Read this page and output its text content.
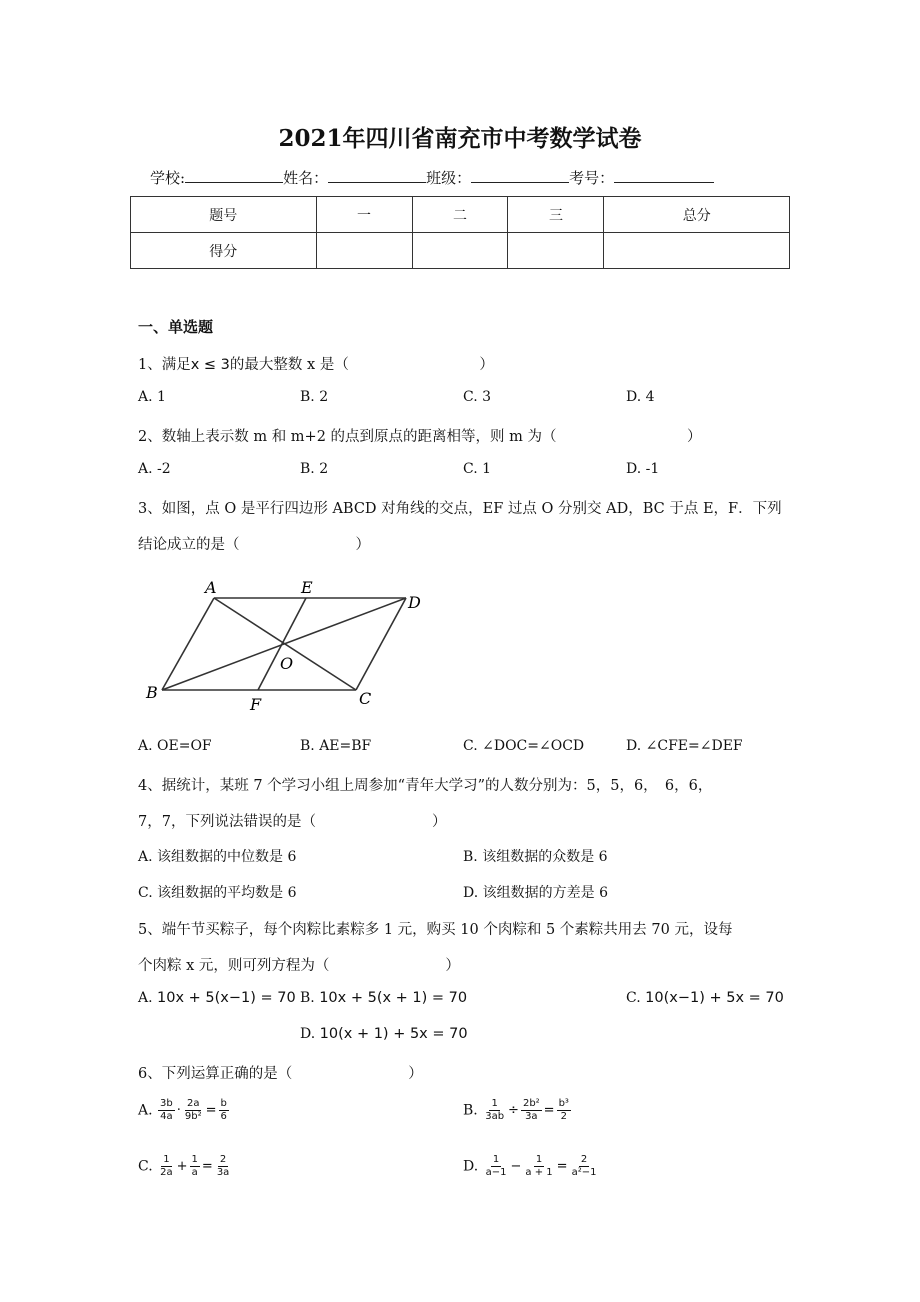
2021年四川省南充市中考数学试卷
学校:	姓名：	班级：	考号：
题号	一	二	三	总分
得分				
一、单选题
1、满足x ≤ 3的最大整数 x 是（　　　　　　　　　）
A. 1	B. 2	C. 3	D. 4
2、数轴上表示数 m 和 m+2 的点到原点的距离相等，则 m 为（　　　　　　　　　）
A. -2	B. 2	C. 1	D. -1
3、如图，点 O 是平行四边形 ABCD 对角线的交点，EF 过点 O 分别交 AD，BC 于点 E，F．下列
结论成立的是（　　　　　　　　）
A	E
D
O
B
F	C
A. OE=OF	B. AE=BF	C. ∠DOC=∠OCD	D. ∠CFE=∠DEF
4、据统计，某班 7 个学习小组上周参加“青年大学习”的人数分别为：5，5，6，　6，6，
7，7，下列说法错误的是（　　　　　　　　）
A. 该组数据的中位数是 6	B. 该组数据的众数是 6
C. 该组数据的平均数是 6	D. 该组数据的方差是 6
5、端午节买粽子，每个肉粽比素粽多 1 元，购买 10 个肉粽和 5 个素粽共用去 70 元，设每
个肉粽 x 元，则可列方程为（　　　　　　　　）
A. 10x + 5(x−1) = 70 B. 10x + 5(x + 1) = 70	C. 10(x−1) + 5x = 70
D. 10(x + 1) + 5x = 70
6、下列运算正确的是（　　　　　　　　）
A. $\frac{3b}{4a} \cdot \frac{2a}{\text{9b²}} = \frac{b}{6}$	B. $\frac{1}{3ab} \div \frac{\text{2b²}}{3a} = \frac{\text{b³}}{2}$
C. $\frac{1}{2a} + \frac{1}{a} = \frac{2}{3a}$	D. $\frac{1}{a-1} - \frac{1}{a + 1} = \frac{2}{\text{a²−1}}$
